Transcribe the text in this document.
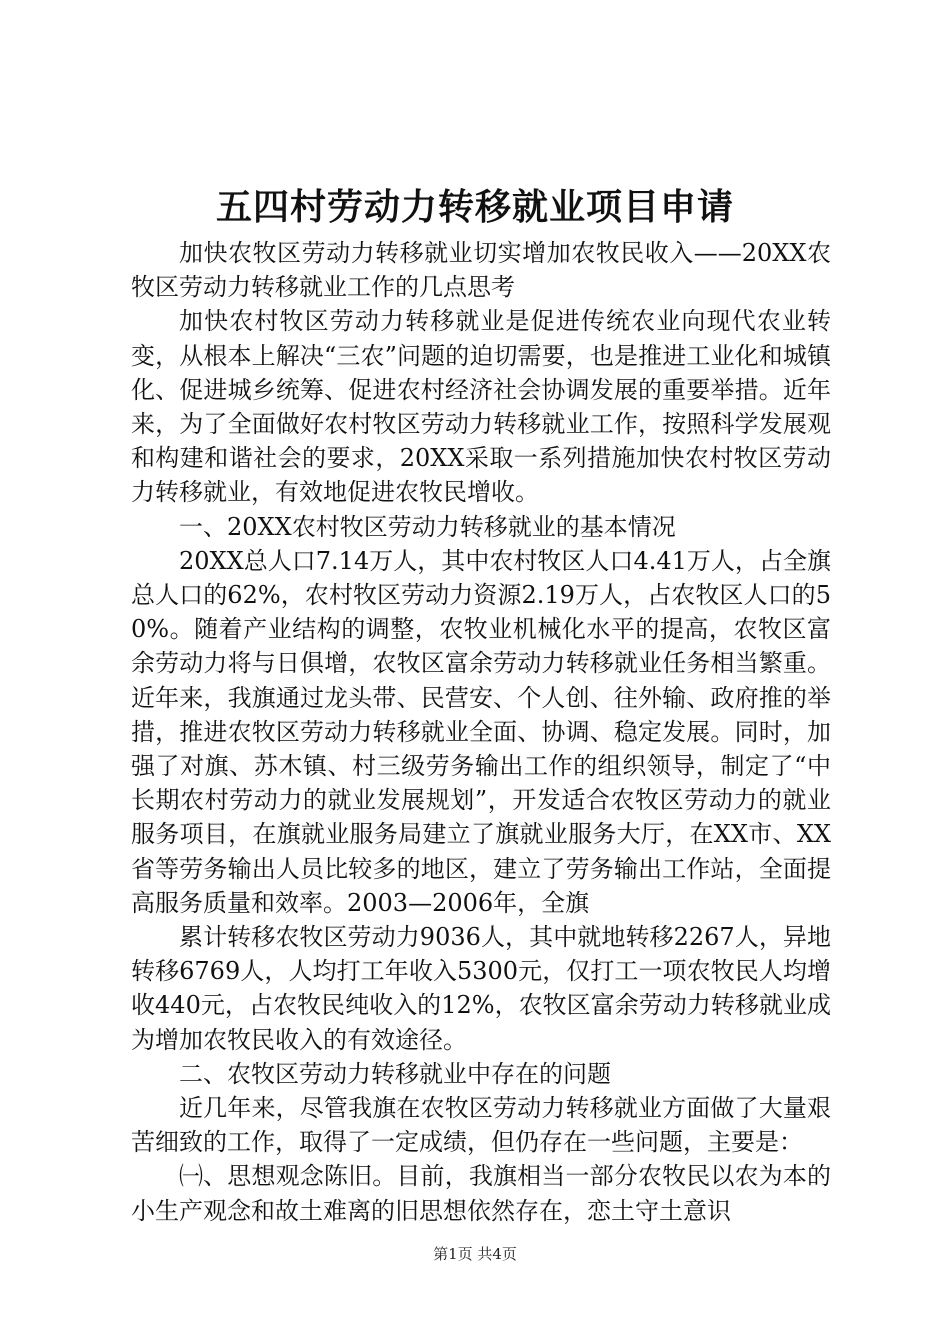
五四村劳动力转移就业项目申请

加快农牧区劳动力转移就业切实增加农牧民收入——20XX农牧区劳动力转移就业工作的几点思考

加快农村牧区劳动力转移就业是促进传统农业向现代农业转变，从根本上解决“三农”问题的迫切需要，也是推进工业化和城镇化、促进城乡统筹、促进农村经济社会协调发展的重要举措。近年来，为了全面做好农村牧区劳动力转移就业工作，按照科学发展观和构建和谐社会的要求，20XX采取一系列措施加快农村牧区劳动力转移就业，有效地促进农牧民增收。

一、20XX农村牧区劳动力转移就业的基本情况

20XX总人口7.14万人，其中农村牧区人口4.41万人，占全旗总人口的62%，农村牧区劳动力资源2.19万人，占农牧区人口的50%。随着产业结构的调整，农牧业机械化水平的提高，农牧区富余劳动力将与日俱增，农牧区富余劳动力转移就业任务相当繁重。近年来，我旗通过龙头带、民营安、个人创、往外输、政府推的举措，推进农牧区劳动力转移就业全面、协调、稳定发展。同时，加强了对旗、苏木镇、村三级劳务输出工作的组织领导，制定了“中长期农村劳动力的就业发展规划”，开发适合农牧区劳动力的就业服务项目，在旗就业服务局建立了旗就业服务大厅，在XX市、XX省等劳务输出人员比较多的地区，建立了劳务输出工作站，全面提高服务质量和效率。2003—2006年，全旗

累计转移农牧区劳动力9036人，其中就地转移2267人，异地转移6769人，人均打工年收入5300元，仅打工一项农牧民人均增收440元，占农牧民纯收入的12%，农牧区富余劳动力转移就业成为增加农牧民收入的有效途径。

二、农牧区劳动力转移就业中存在的问题

近几年来，尽管我旗在农牧区劳动力转移就业方面做了大量艰苦细致的工作，取得了一定成绩，但仍存在一些问题，主要是：

㈠、思想观念陈旧。目前，我旗相当一部分农牧民以农为本的小生产观念和故土难离的旧思想依然存在，恋土守土意识

第1页 共4页
